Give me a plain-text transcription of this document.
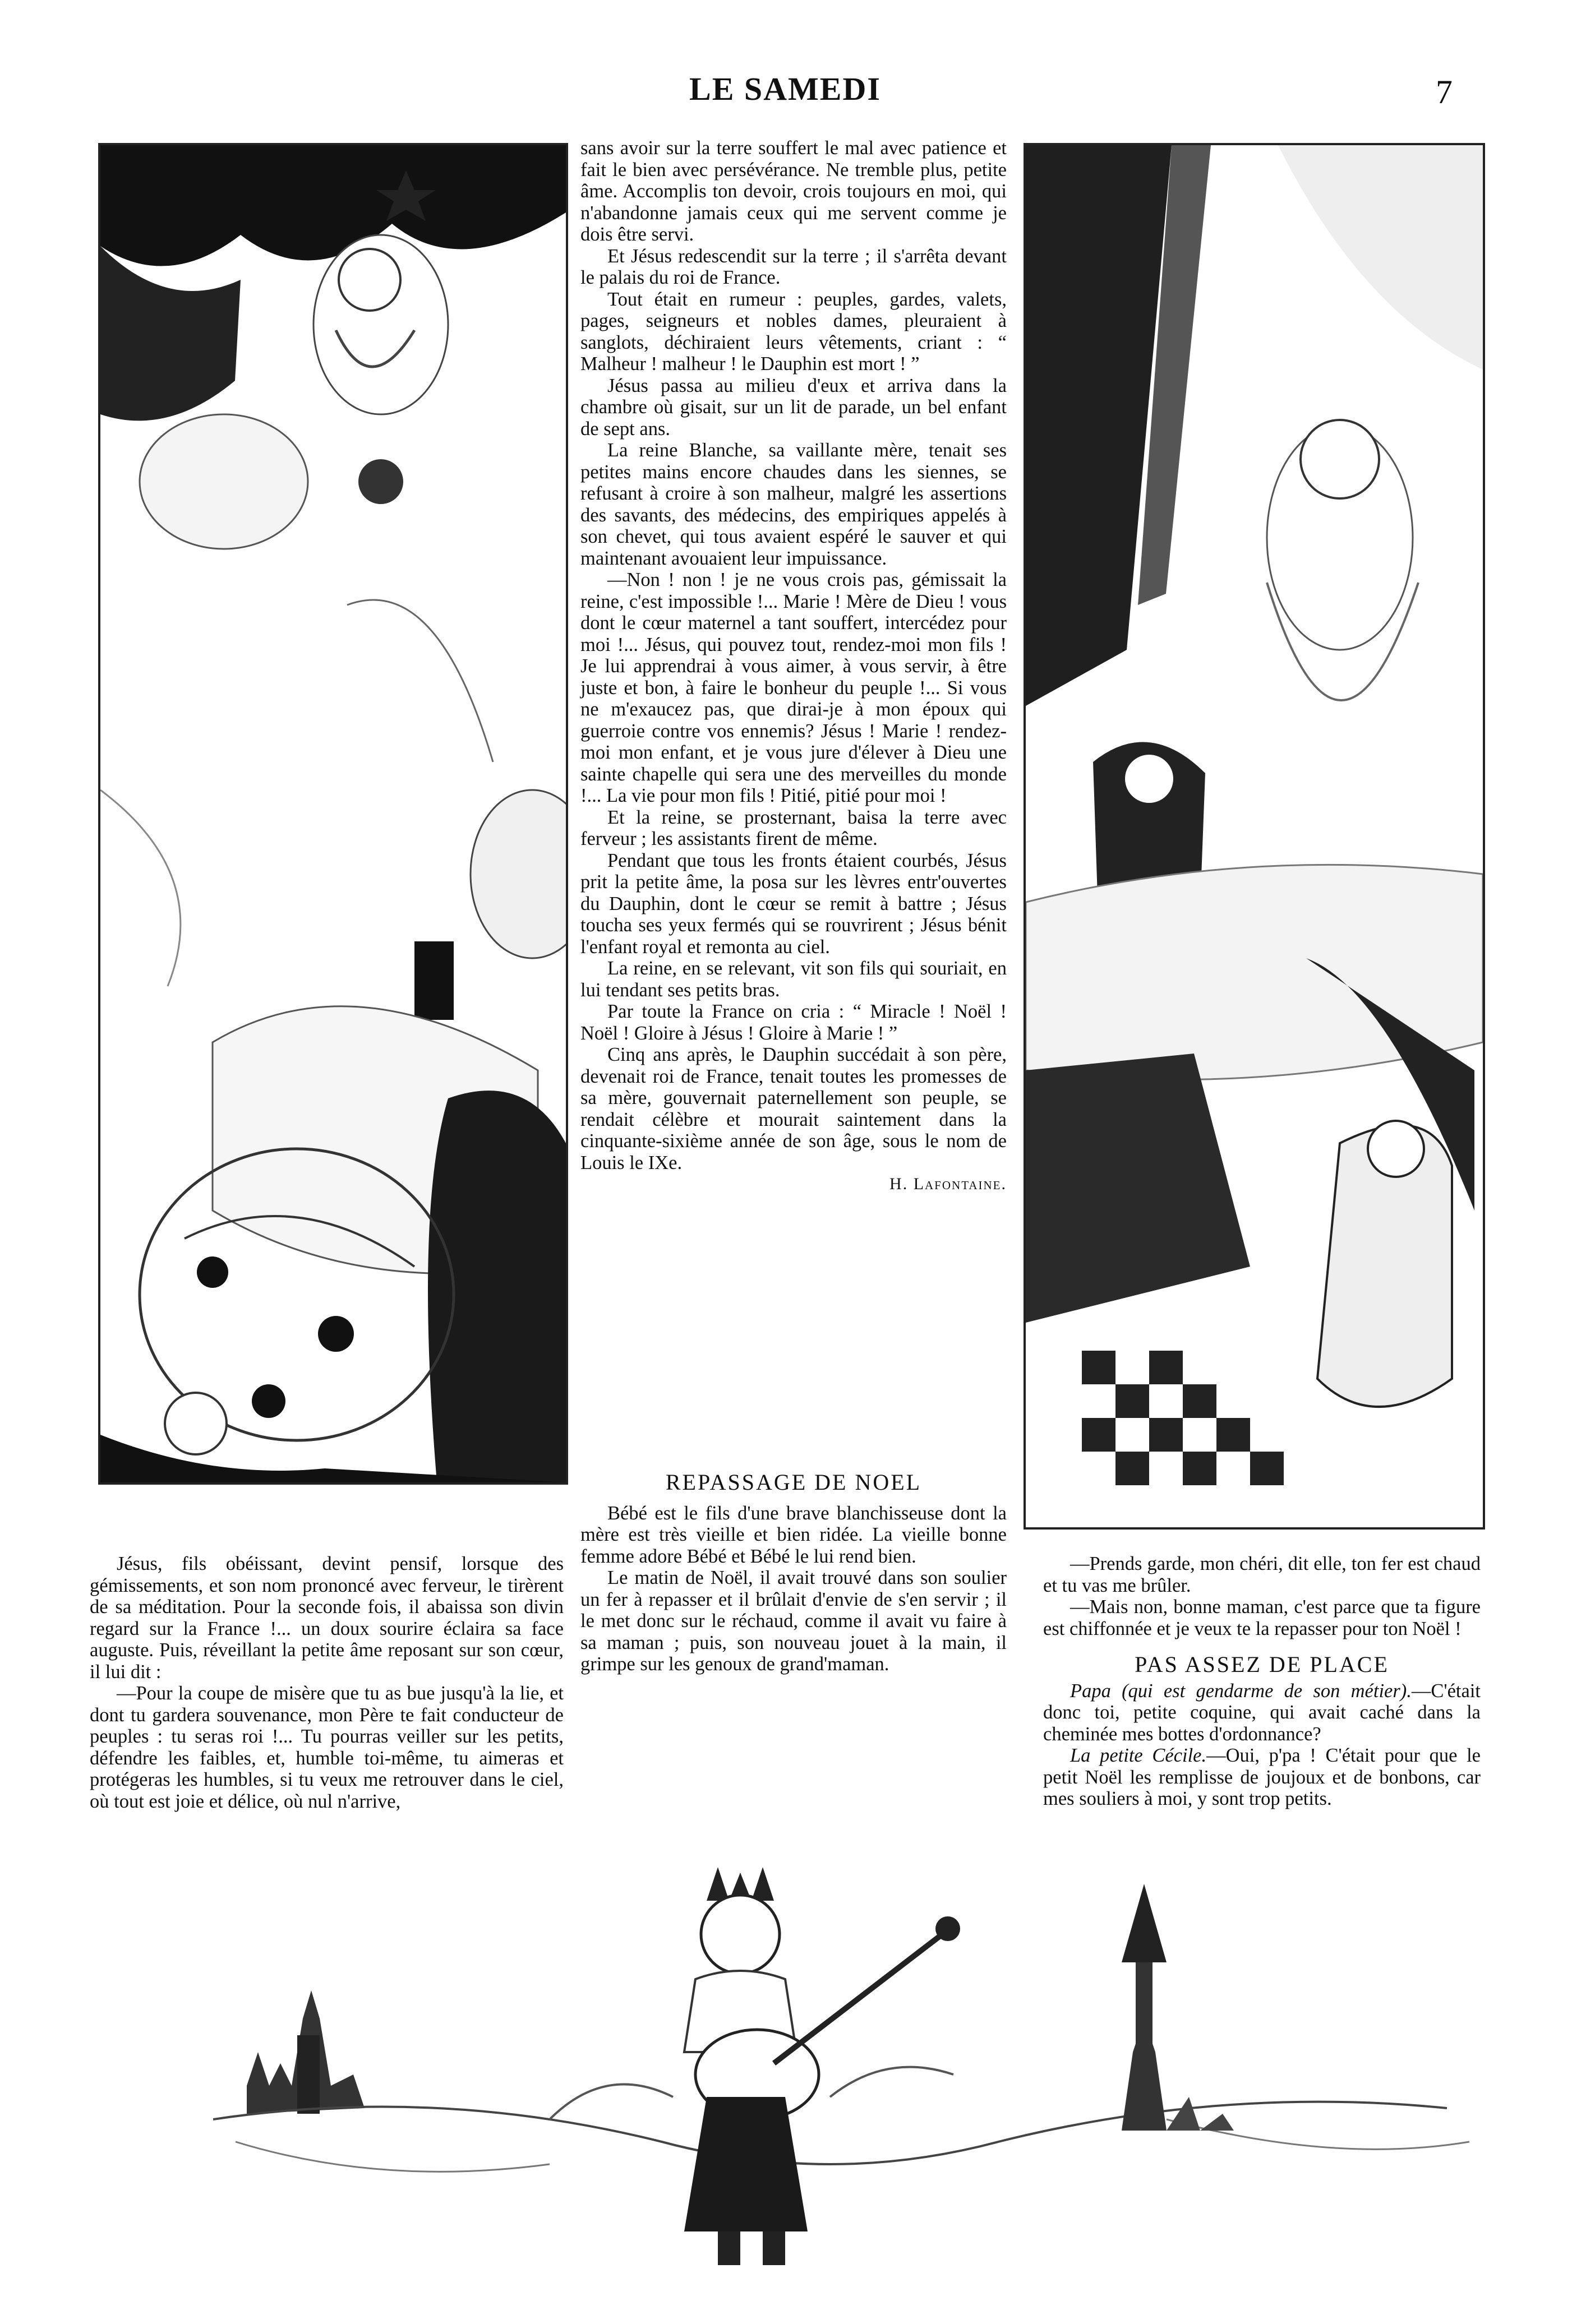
LE SAMEDI	7

sans avoir sur la terre souffert le mal avec patience et fait le bien avec persévérance. Ne tremble plus, petite âme. Accomplis ton devoir, crois toujours en moi, qui n'abandonne jamais ceux qui me servent comme je dois être servi.

Et Jésus redescendit sur la terre ; il s'arrêta devant le palais du roi de France.

Tout était en rumeur : peuples, gardes, valets, pages, seigneurs et nobles dames, pleuraient à sanglots, déchiraient leurs vêtements, criant : “ Malheur ! malheur ! le Dauphin est mort ! ”

Jésus passa au milieu d'eux et arriva dans la chambre où gisait, sur un lit de parade, un bel enfant de sept ans.

La reine Blanche, sa vaillante mère, tenait ses petites mains encore chaudes dans les siennes, se refusant à croire à son malheur, malgré les assertions des savants, des médecins, des empiriques appelés à son chevet, qui tous avaient espéré le sauver et qui maintenant avouaient leur impuissance.

—Non ! non ! je ne vous crois pas, gémissait la reine, c'est impossible !... Marie ! Mère de Dieu ! vous dont le cœur maternel a tant souffert, intercédez pour moi !... Jésus, qui pouvez tout, rendez-moi mon fils ! Je lui apprendrai à vous aimer, à vous servir, à être juste et bon, à faire le bonheur du peuple !... Si vous ne m'exaucez pas, que dirai-je à mon époux qui guerroie contre vos ennemis? Jésus ! Marie ! rendez-moi mon enfant, et je vous jure d'élever à Dieu une sainte chapelle qui sera une des merveilles du monde !... La vie pour mon fils ! Pitié, pitié pour moi !

Et la reine, se prosternant, baisa la terre avec ferveur ; les assistants firent de même.

Pendant que tous les fronts étaient courbés, Jésus prit la petite âme, la posa sur les lèvres entr'ouvertes du Dauphin, dont le cœur se remit à battre ; Jésus toucha ses yeux fermés qui se rouvrirent ; Jésus bénit l'enfant royal et remonta au ciel.

La reine, en se relevant, vit son fils qui souriait, en lui tendant ses petits bras.

Par toute la France on cria : “ Miracle ! Noël ! Noël ! Gloire à Jésus ! Gloire à Marie ! ”

Cinq ans après, le Dauphin succédait à son père, devenait roi de France, tenait toutes les promesses de sa mère, gouvernait paternellement son peuple, se rendait célèbre et mourait saintement dans la cinquante-sixième année de son âge, sous le nom de Louis le IXe.

H. Lafontaine.
REPASSAGE DE NOEL

Bébé est le fils d'une brave blanchisseuse dont la mère est très vieille et bien ridée. La vieille bonne femme adore Bébé et Bébé le lui rend bien.

Le matin de Noël, il avait trouvé dans son soulier un fer à repasser et il brûlait d'envie de s'en servir ; il le met donc sur le réchaud, comme il avait vu faire à sa maman ; puis, son nouveau jouet à la main, il grimpe sur les genoux de grand'maman.

Jésus, fils obéissant, devint pensif, lorsque des gémissements, et son nom prononcé avec ferveur, le tirèrent de sa méditation. Pour la seconde fois, il abaissa son divin regard sur la France !... un doux sourire éclaira sa face auguste. Puis, réveillant la petite âme reposant sur son cœur, il lui dit :

—Pour la coupe de misère que tu as bue jusqu'à la lie, et dont tu gardera souvenance, mon Père te fait conducteur de peuples : tu seras roi !... Tu pourras veiller sur les petits, défendre les faibles, et, humble toi-même, tu aimeras et protégeras les humbles, si tu veux me retrouver dans le ciel, où tout est joie et délice, où nul n'arrive,

—Prends garde, mon chéri, dit elle, ton fer est chaud et tu vas me brûler.

—Mais non, bonne maman, c'est parce que ta figure est chiffonnée et je veux te la repasser pour ton Noël !

PAS ASSEZ DE PLACE

Papa (qui est gendarme de son métier).—C'était donc toi, petite coquine, qui avait caché dans la cheminée mes bottes d'ordonnance?

La petite Cécile.—Oui, p'pa ! C'était pour que le petit Noël les remplisse de joujoux et de bonbons, car mes souliers à moi, y sont trop petits.
